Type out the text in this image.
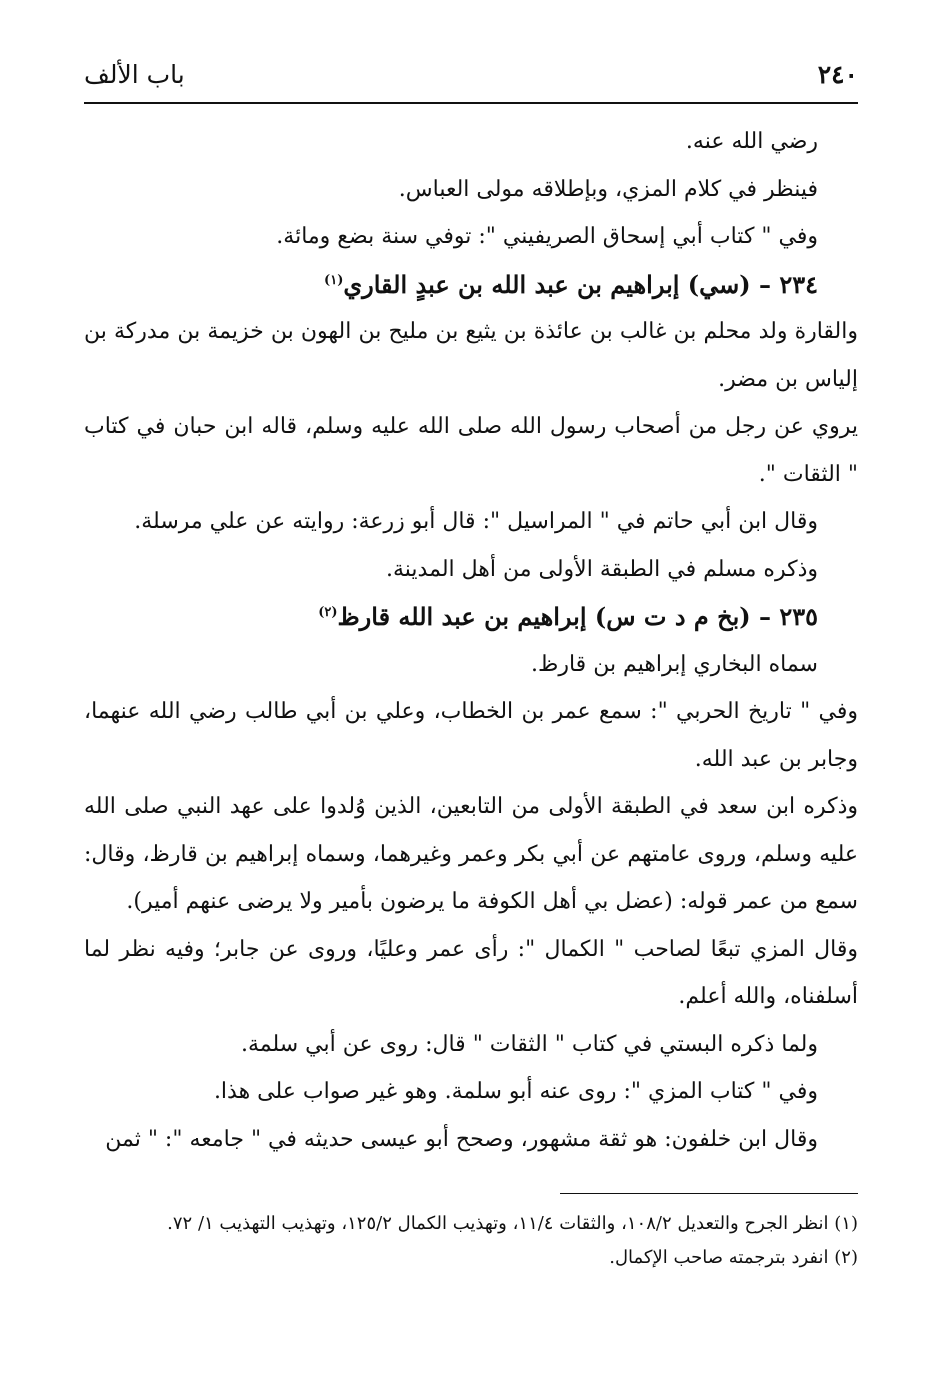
٢٤٠
باب الألف

رضي الله عنه.

فينظر في كلام المزي، وبإطلاقه مولى العباس.

وفي " كتاب أبي إسحاق الصريفيني ": توفي سنة بضع ومائة.

٢٣٤ – (سي) إبراهيم بن عبد الله بن عبدٍ القاري$^{(١)}$

والقارة ولد محلم بن غالب بن عائذة بن يثيع بن مليح بن الهون بن خزيمة بن مدركة بن إلياس بن مضر.

يروي عن رجل من أصحاب رسول الله صلى الله عليه وسلم، قاله ابن حبان في كتاب " الثقات ".

وقال ابن أبي حاتم في " المراسيل ": قال أبو زرعة: روايته عن علي مرسلة.

وذكره مسلم في الطبقة الأولى من أهل المدينة.

٢٣٥ – (بخ م د ت س) إبراهيم بن عبد الله قارظ$^{(٢)}$

سماه البخاري إبراهيم بن قارظ.

وفي " تاريخ الحربي ": سمع عمر بن الخطاب، وعلي بن أبي طالب رضي الله عنهما، وجابر بن عبد الله.

وذكره ابن سعد في الطبقة الأولى من التابعين، الذين وُلدوا على عهد النبي صلى الله عليه وسلم، وروى عامتهم عن أبي بكر وعمر وغيرهما، وسماه إبراهيم بن قارظ، وقال: سمع من عمر قوله: (عضل بي أهل الكوفة ما يرضون بأمير ولا يرضى عنهم أمير).

وقال المزي تبعًا لصاحب " الكمال ": رأى عمر وعليًا، وروى عن جابر؛ وفيه نظر لما أسلفناه، والله أعلم.

ولما ذكره البستي في كتاب " الثقات " قال: روى عن أبي سلمة.

وفي " كتاب المزي ": روى عنه أبو سلمة. وهو غير صواب على هذا.

وقال ابن خلفون: هو ثقة مشهور، وصحح أبو عيسى حديثه في " جامعه ": " ثمن

(١) انظر الجرح والتعديل ١٠٨/٢، والثقات ١١/٤، وتهذيب الكمال ١٢٥/٢، وتهذيب التهذيب ١/ ٧٢.

(٢) انفرد بترجمته صاحب الإكمال.
